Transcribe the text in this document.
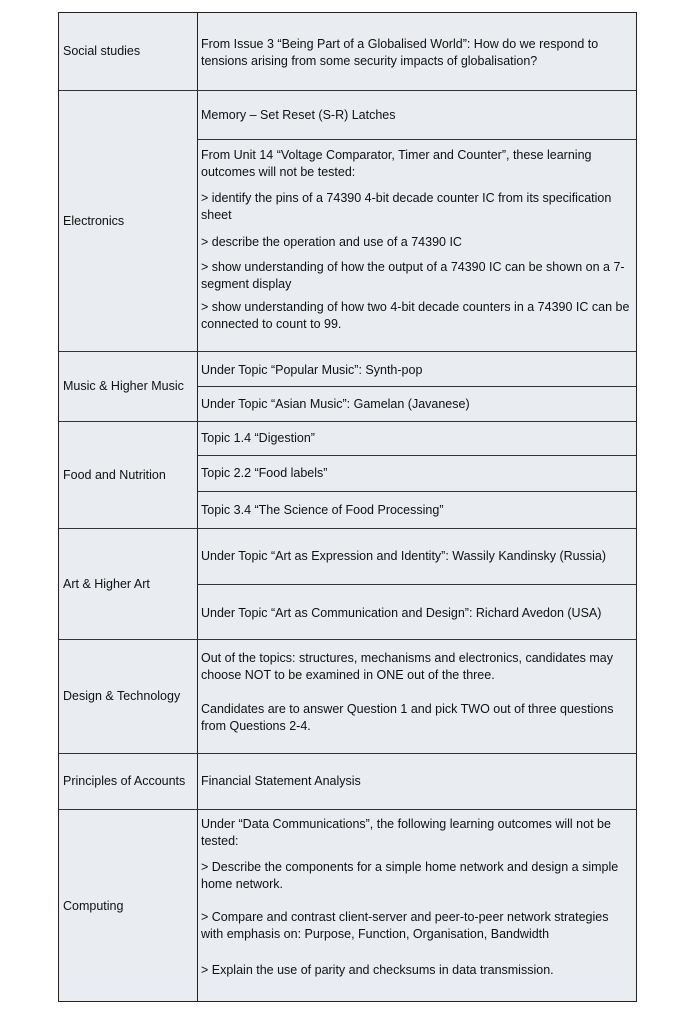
Social studies	From Issue 3 “Being Part of a Globalised World”: How do we respond to tensions arising from some security impacts of globalisation?
Electronics
Memory – Set Reset (S-R) Latches
From Unit 14 “Voltage Comparator, Timer and Counter”, these learning outcomes will not be tested:
> identify the pins of a 74390 4-bit decade counter IC from its specification sheet
> describe the operation and use of a 74390 IC
> show understanding of how the output of a 74390 IC can be shown on a 7-segment display
> show understanding of how two 4-bit decade counters in a 74390 IC can be connected to count to 99.
Music & Higher Music
Under Topic “Popular Music”: Synth-pop
Under Topic “Asian Music”: Gamelan (Javanese)
Food and Nutrition
Topic 1.4 “Digestion”
Topic 2.2 “Food labels”
Topic 3.4 “The Science of Food Processing”
Art & Higher Art
Under Topic “Art as Expression and Identity”: Wassily Kandinsky (Russia)
Under Topic “Art as Communication and Design”: Richard Avedon (USA)
Design & Technology
Out of the topics: structures, mechanisms and electronics, candidates may choose NOT to be examined in ONE out of the three.
Candidates are to answer Question 1 and pick TWO out of three questions from Questions 2-4.
Principles of Accounts	Financial Statement Analysis
Computing
Under “Data Communications”, the following learning outcomes will not be tested:
> Describe the components for a simple home network and design a simple home network.
> Compare and contrast client-server and peer-to-peer network strategies with emphasis on: Purpose, Function, Organisation, Bandwidth
> Explain the use of parity and checksums in data transmission.
